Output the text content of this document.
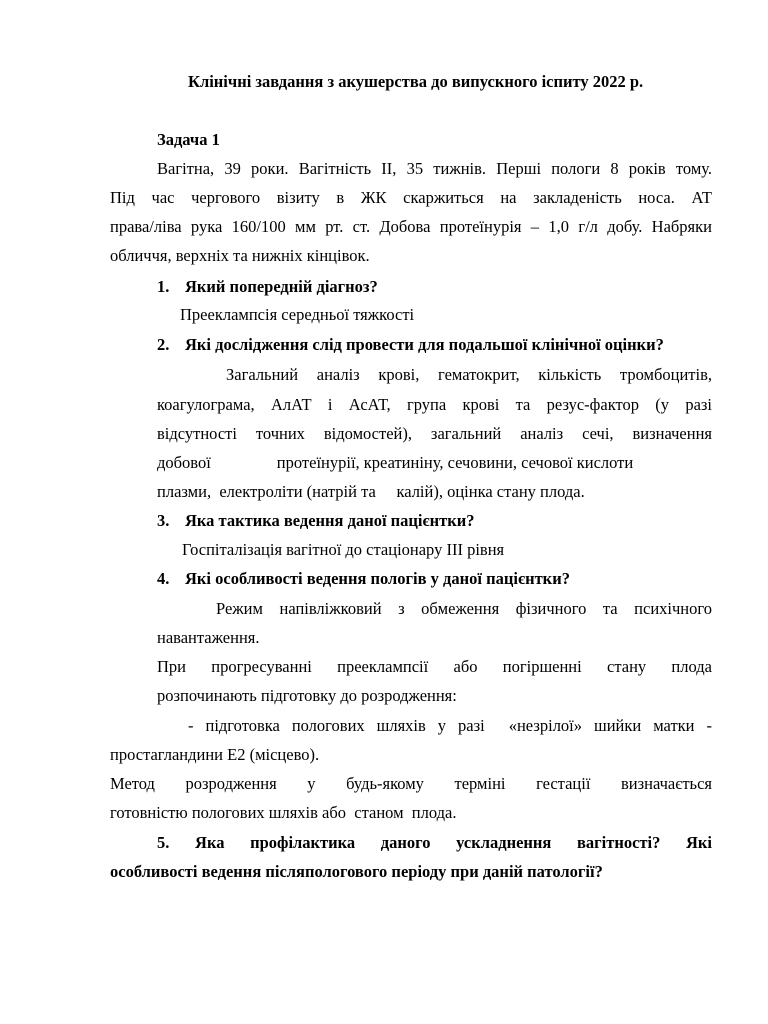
Клінічні завдання з акушерства до випускного іспиту 2022 р.
Задача 1
Вагітна, 39 роки. Вагітність ІІ, 35 тижнів. Перші пологи 8 років тому.
Під час чергового візиту в ЖК скаржиться на закладеність носа. АТ
права/ліва рука 160/100 мм рт. ст. Добова протеїнурія – 1,0 г/л добу. Набряки
обличчя, верхніх та нижніх кінцівок.
1. Який попередній діагноз?
Прееклампсія середньої тяжкості
2. Які дослідження слід провести для подальшої клінічної оцінки?
Загальний аналіз крові, гематокрит, кількість тромбоцитів,
коагулограма, АлАТ і АсАТ, група крові та резус-фактор (у разі
відсутності точних відомостей), загальний аналіз сечі, визначення
добової                протеїнурії, креатиніну, сечовини, сечової кислоти
плазми,  електроліти (натрій та     калій), оцінка стану плода.
3. Яка тактика ведення даної пацієнтки?
Госпіталізація вагітної до стаціонару ІІІ рівня
4. Які особливості ведення пологів у даної пацієнтки?
Режим напівліжковий з обмеження фізичного та психічного
навантаження.
При прогресуванні прееклампсії або погіршенні стану плода
розпочинають підготовку до розродження:
- підготовка пологових шляхів у разі  «незрілої» шийки матки -
простагландини Е2 (місцево).
Метод розродження у будь-якому терміні гестації визначається
готовністю пологових шляхів або  станом  плода.
5. Яка профілактика даного ускладнення вагітності? Які
особливості ведення післяпологового періоду при даній патології?
